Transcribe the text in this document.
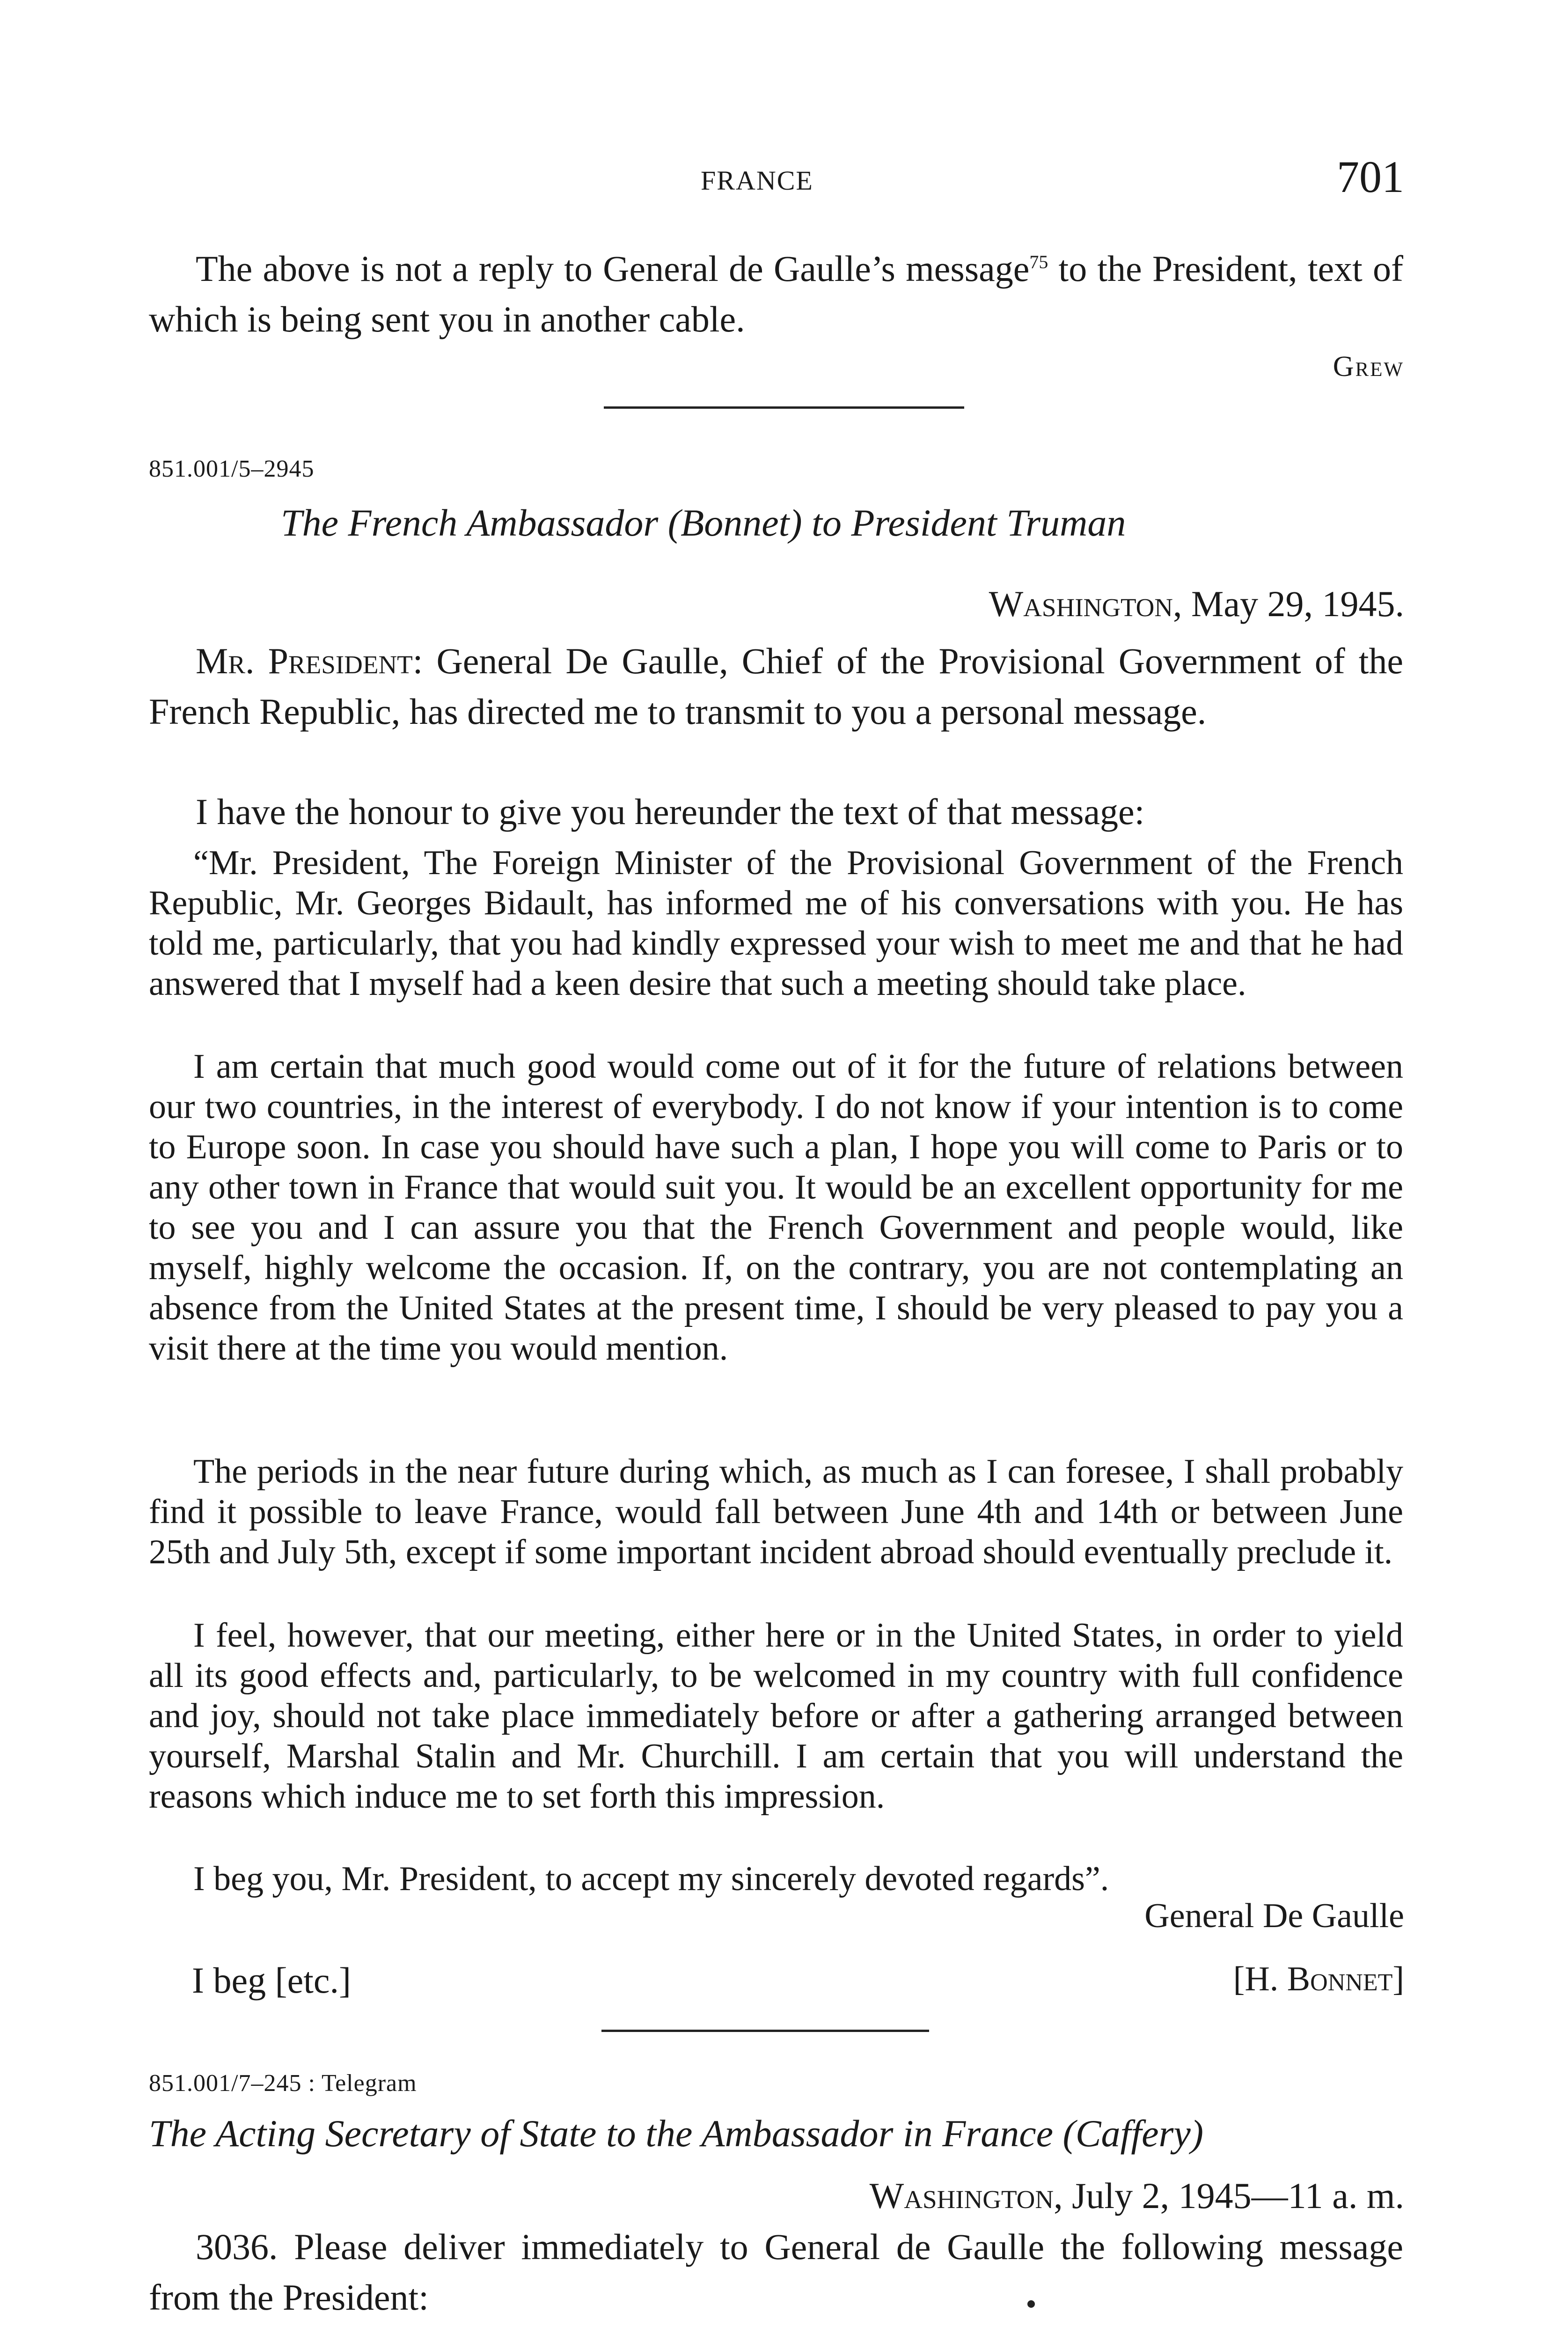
FRANCE	701

The above is not a reply to General de Gaulle’s message$^{75}$ to the President, text of which is being sent you in another cable.

Grew
851.001/5–2945
The French Ambassador (Bonnet) to President Truman
Washington, May 29, 1945.

Mr. President: General De Gaulle, Chief of the Provisional Government of the French Republic, has directed me to transmit to you a personal message.

I have the honour to give you hereunder the text of that message:

“Mr. President, The Foreign Minister of the Provisional Government of the French Republic, Mr. Georges Bidault, has informed me of his conversations with you. He has told me, particularly, that you had kindly expressed your wish to meet me and that he had answered that I myself had a keen desire that such a meeting should take place.

I am certain that much good would come out of it for the future of relations between our two countries, in the interest of everybody. I do not know if your intention is to come to Europe soon. In case you should have such a plan, I hope you will come to Paris or to any other town in France that would suit you. It would be an excellent opportunity for me to see you and I can assure you that the French Government and people would, like myself, highly welcome the occasion. If, on the contrary, you are not contemplating an absence from the United States at the present time, I should be very pleased to pay you a visit there at the time you would mention.

The periods in the near future during which, as much as I can foresee, I shall probably find it possible to leave France, would fall between June 4th and 14th or between June 25th and July 5th, except if some important incident abroad should eventually preclude it.

I feel, however, that our meeting, either here or in the United States, in order to yield all its good effects and, particularly, to be welcomed in my country with full confidence and joy, should not take place immediately before or after a gathering arranged between yourself, Marshal Stalin and Mr. Churchill. I am certain that you will understand the reasons which induce me to set forth this impression.

I beg you, Mr. President, to accept my sincerely devoted regards”.

General De Gaulle
I beg [etc.]	[H. Bonnet]
851.001/7–245 : Telegram
The Acting Secretary of State to the Ambassador in France (Caffery)
Washington, July 2, 1945—11 a. m.

3036. Please deliver immediately to General de Gaulle the following message from the President:
